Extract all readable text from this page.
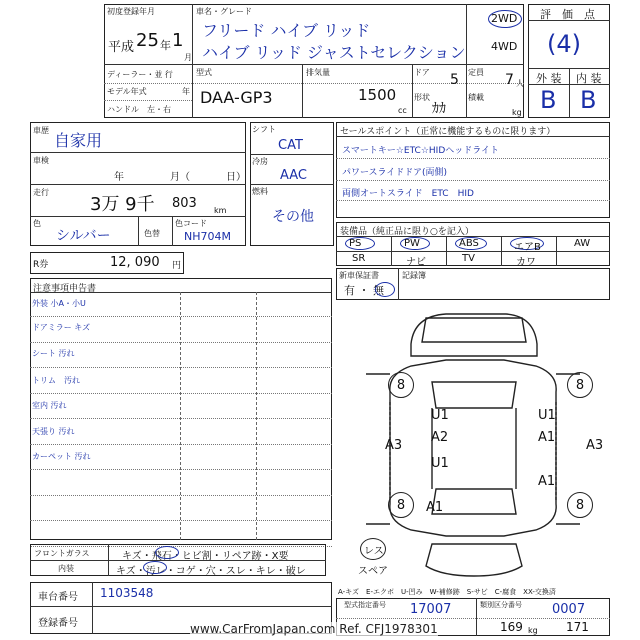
初度登録年月
平成 25 年 1
月
車名・グレード
フリード ハイブ リッド
ハイブ リッド ジャストセレクション
2WD
4WD
ディーラー・並 行
モデル年式	年
ハンドル　左・右
型式
DAA-GP3
排気量
1500
cc
ドア 5 定員 7 人
形状
ｶｶ
積載
kg
評　価　点
(4)
外 装 内 装
B B
車歴
自家用
車検
年	月（	日）
走行
3万 9千 803 km
色
シルバー	色替
色コード
NH704M
シフト
CAT
冷房
AAC
燃料
その他
セールスポイント（正常に機能するものに限ります）
スマートキー☆ETC☆HIDヘッドライト
パワースライドドア(両側)
両側オートスライド　ETC　HID
装備品（純正品に限り○を記入）
PS	PW	ABS	エアB	AW
SR	ナビ	TV	カワ
新車保証書
有 ・ 無
記録簿
R券	12, 090 円
注意事項申告書
外装 小A・小U
ドアミラー キズ
シート 汚れ
トリム　汚れ
室内 汚れ
天張り 汚れ
カーペット 汚れ
8	8
8	8
U1
A2
U1
U1
A1
A1
A3	A3
A1
レス
スペア
フロントガラス	キズ・飛石・ヒビ割・リペア跡・X要
内装	キズ・汚レ・コゲ・穴・スレ・キレ・破レ
A-キズ　E-エクボ　U-凹み　W-補修跡　S-サビ　C-腐食　XX-交換済
車台番号 1103548
登録番号
型式指定番号 17007	類別区分番号 0007
169 kg 171
www.CarFromJapan.com Ref. CFJ1978301
